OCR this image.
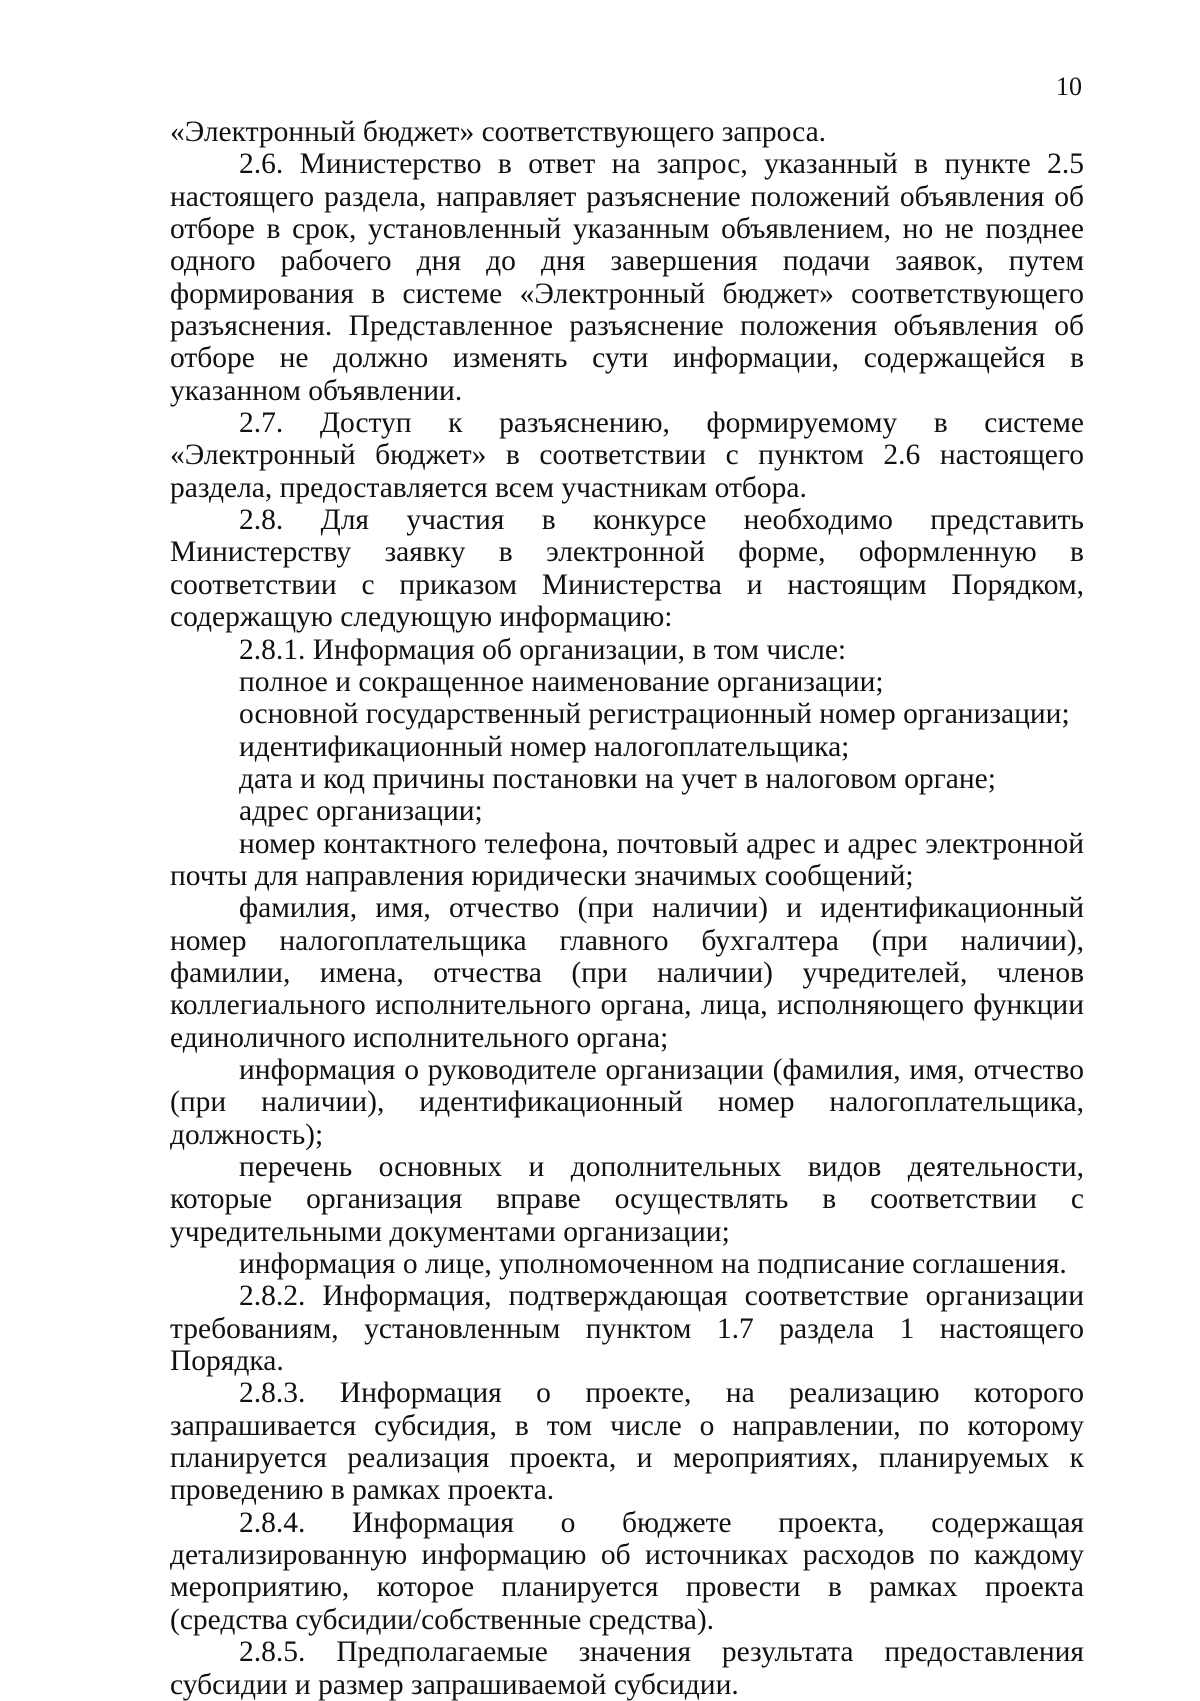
10

«Электронный бюджет» соответствующего запроса.

2.6. Министерство в ответ на запрос, указанный в пункте 2.5 настоящего раздела, направляет разъяснение положений объявления об отборе в срок, установленный указанным объявлением, но не позднее одного рабочего дня до дня завершения подачи заявок, путем формирования в системе «Электронный бюджет» соответствующего разъяснения. Представленное разъяснение положения объявления об отборе не должно изменять сути информации, содержащейся в указанном объявлении.

2.7. Доступ к разъяснению, формируемому в системе «Электронный бюджет» в соответствии с пунктом 2.6 настоящего раздела, предоставляется всем участникам отбора.

2.8. Для участия в конкурсе необходимо представить Министерству заявку в электронной форме, оформленную в соответствии с приказом Министерства и настоящим Порядком, содержащую следующую информацию:

2.8.1. Информация об организации, в том числе:

полное и сокращенное наименование организации;

основной государственный регистрационный номер организации;

идентификационный номер налогоплательщика;

дата и код причины постановки на учет в налоговом органе;

адрес организации;

номер контактного телефона, почтовый адрес и адрес электронной почты для направления юридически значимых сообщений;

фамилия, имя, отчество (при наличии) и идентификационный номер налогоплательщика главного бухгалтера (при наличии), фамилии, имена, отчества (при наличии) учредителей, членов коллегиального исполнительного органа, лица, исполняющего функции единоличного исполнительного органа;

информация о руководителе организации (фамилия, имя, отчество (при наличии), идентификационный номер налогоплательщика, должность);

перечень основных и дополнительных видов деятельности, которые организация вправе осуществлять в соответствии с учредительными документами организации;

информация о лице, уполномоченном на подписание соглашения.

2.8.2. Информация, подтверждающая соответствие организации требованиям, установленным пунктом 1.7 раздела 1 настоящего Порядка.

2.8.3. Информация о проекте, на реализацию которого запрашивается субсидия, в том числе о направлении, по которому планируется реализация проекта, и мероприятиях, планируемых к проведению в рамках проекта.

2.8.4. Информация о бюджете проекта, содержащая детализированную информацию об источниках расходов по каждому мероприятию, которое планируется провести в рамках проекта (средства субсидии/собственные средства).

2.8.5. Предполагаемые значения результата предоставления субсидии и размер запрашиваемой субсидии.
